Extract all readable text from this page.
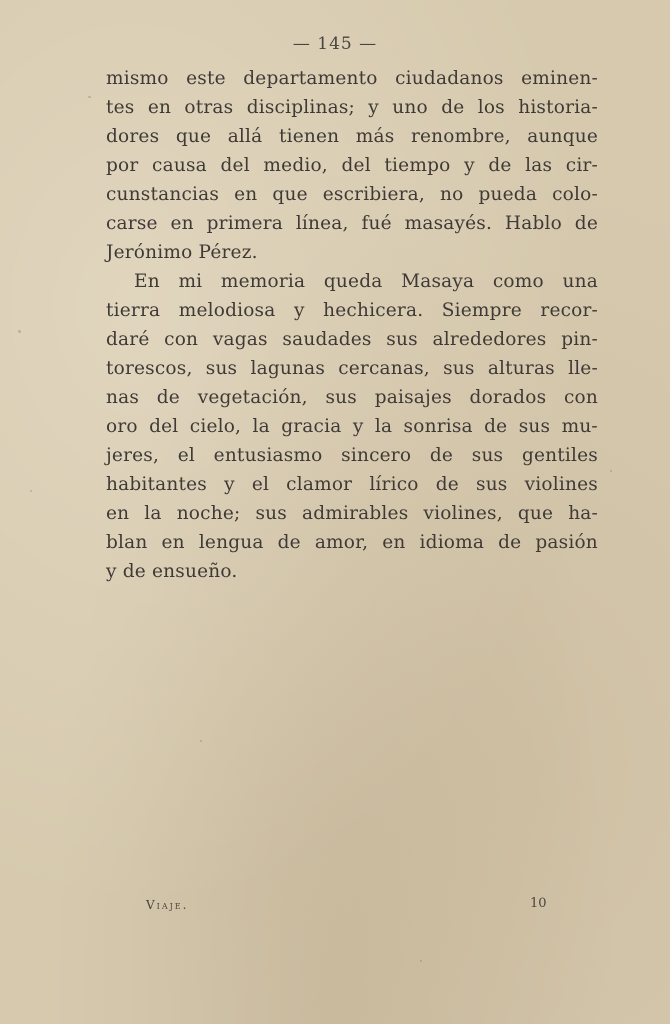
— 145 —
mismo este departamento ciudadanos eminen-
tes en otras disciplinas; y uno de los historia-
dores que allá tienen más renombre, aunque
por causa del medio, del tiempo y de las cir-
cunstancias en que escribiera, no pueda colo-
carse en primera línea, fué masayés. Hablo de
Jerónimo Pérez.
En mi memoria queda Masaya como una
tierra melodiosa y hechicera. Siempre recor-
daré con vagas saudades sus alrededores pin-
torescos, sus lagunas cercanas, sus alturas lle-
nas de vegetación, sus paisajes dorados con
oro del cielo, la gracia y la sonrisa de sus mu-
jeres, el entusiasmo sincero de sus gentiles
habitantes y el clamor lírico de sus violines
en la noche; sus admirables violines, que ha-
blan en lengua de amor, en idioma de pasión
y de ensueño.
Viaje.	10
